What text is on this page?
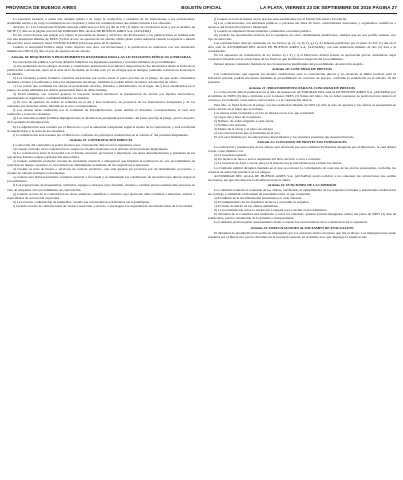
PROVINCIA DE BUENOS AIRES	BOLETÍN OFICIAL	LA PLATA, VIERNES 23 DE SEPTIEMBRE DE 2016 PÁGINA 27

La Gerencia General, a quien este designe tendrá a su cargo la confección y remisión de las invitaciones a los participantes. Asimismo tendrá a su cargo la remisión de las circulares y todas las comunicaciones que deban cursarse a los oferentes.

Artículo 17: Las Licitaciones Privadas deberán publicarse por UN (1) día en UN (1) diario de circulación local y por el término de SIETE (7) días en la página web del AUTORIDAD DEL AGUA DE BUENOS AIRES S.A. (AUSABA).

En las convocatorias que tengan por objeto la provisión de bienes y servicios, las invitaciones y las publicaciones se establecerán con una antelación mínima de TRES (3) días al acto de apertura de las ofertas. Dicho plazo podrá reducirse cuando la urgencia o interés del servicio así lo requiera, hasta VEINTICUATRO (24) horas antes de la apertura.

Cuando la Autoridad Pública tenga como objetivo una obra, las invitaciones y la publicación se realizarán con una antelación mínima de CINCO (5) días al acto de apertura de las ofertas.

Artículo 18: REQUISITOS Y PROCEDIMIENTO REQUERIDO PARA LAS LICITACIONES PÚBLICAS O PRIVADAS

En toda licitación pública o privada deberán cumplirse los siguientes requisitos y recaudos mínimos de procedimiento:

a) Los ejemplares de los pliegos de bases y condiciones particulares se pondrán a disposición de los interesados desde la fecha de la publicación o invitación, tanto en la sede de la Sociedad, en el sitio web y/o en el lugar que se designe, pudiendo cobrarse un arancel por los mismos.

b) Los oferentes podrán formular consultas aclaratorias por escrito hasta el plazo previsto en el pliego, las que serán contestadas mediante circular y notificadas a todos los adquirentes del pliego. También se podrán emitir circulares aclaratorias de oficio.

c) Los sobres que contienen las ofertas se presentarán cerrados, firmados e identificados, en el lugar, día y hora establecidos en el pliego; no serán admitidas las ofertas presentadas fuera de dicho término.

d) Podrá también, con carácter general, la Gerencia General establecer la presentación de ofertas por medios electrónicos, garantizando la seguridad y confidencialidad de las mismas.

e) El acto de apertura de sobres se realizará en el día y hora indicados, en presencia de los funcionarios designados y de los oferentes que desearen asistir, labrándose el acta correspondiente.

f) Las ofertas serán analizadas por la Comisión de Preadjudicación, quien emitirá el dictamen correspondiente, el cual será notificado a todos los oferentes.

g) Los oferentes podrán formular impugnaciones al dictamen de preadjudicación dentro del plazo que fije el pliego, previo depósito de la garantía de impugnación.

h) La adjudicación será resuelta por el Directorio o por la autoridad competente según el monto de la contratación, y será notificada al adjudicatario y al resto de los oferentes.

i) La adjudicación será resuelta por el Directorio conforme los principios establecidos en el artículo 4º del presente Reglamento.

Artículo 19: CONTRATACIÓN DIRECTA

La selección del contratista se podrá efectuar por contratación directa en los siguientes casos:

a) Cuando el monto de la contratación no supere los montos indicados en el artículo 10 del presente Reglamento.

b) La contratación entre la Sociedad con el Estado nacional, provincial o municipal, sus entes descentralizados y entidades en las que dichos Estados tengan participación mayoritaria.

c) Cuando existieren probadas razones de necesidad, urgencia o emergencia que impidan la realización de otro procedimiento de selección en tiempo oportuno, lo cual deberá ser debidamente acreditado en las respectivas actuaciones.

d) Cuando se trate de bienes o servicios de carácter exclusivo, que sólo puedan ser provistos por un determinado proveedor, o cuando no existan sustitutos convenientes.

e) Cuando una licitación hubiere resultado desierta o fracasada y se mantengan las condiciones de necesidad que dieron origen al procedimiento.

f) Las reparaciones de maquinarias, vehículos, equipos o motores cuyo desarme, traslado o examen previo resulten más onerosos en caso de adoptarse otro procedimiento de contratación.

g) Cuando se trate de la contratación de obras artísticas, científicas o técnicas cuya ejecución deba confiarse a empresas, artistas o especialistas de reconocida capacidad.

h) La locación o adquisición de inmuebles, cuando sus características particulares así lo justifiquen.

i) Cuando se trate de contrataciones de carácter reservado o secreto, o que hagan a la seguridad de las instalaciones de la Sociedad.

j) Cuando se trate de bienes cuyos precios sean establecidos por el Estado Nacional o Provincial.

k) Las contrataciones con entidades públicas o privadas sin fines de lucro, universidades nacionales y organismos científicos o técnicos del Estado Provincial o Municipal.

l) Cuando se adquieran bienes muebles o inmuebles en remate público.

m) Cuando las necesidades técnicas así lo requieran, en casos debidamente justificados, siempre que no sea posible realizar otro tipo de selección.

Las contrataciones directas realizadas en los incisos a), b), c), d), f), g), l), ll) deberán publicarse por el plazo de UN (1) día en el sitio web de AUTORIDAD DEL AGUA DE BUENOS AIRES S.A. (AUSABA), con una antelación mínima de dos (2) días a la contratación.

En los supuestos de contratación de los incisos e) a h) y l) el Directorio deberá prestar su aprobación previa, debiéndose dejar constancia fundada en las actuaciones de los motivos que justifican la adopción del procedimiento.

Deberá dejarse constancia fundada de las circunstancias justificantes del procedimiento de selección elegido.

Artículo 20: CONCURSO DE PRECIOS

Las contrataciones que superen los montos establecidos para la contratación directa y no alcancen el límite previsto para la licitación privada, podrán efectuarse mediante el procedimiento de concurso de precios, conforme lo establecido en el artículo 10 del presente.

Artículo 21: PROCEDIMIENTO PARA EL CONCURSO DE PRECIOS

La convocatoria deberá publicarse en el sitio de internet de AUTORIDAD DEL AGUA DE BUENOS AIRES S.A. (AUSABA) por el término de TRES (3) días e invitarse a por lo menos TRES (3) firmas del rubro. De no haber respuesta, se podrá declarar desierto el concurso, procediendo a una nueva convocatoria o a la contratación directa.

Para ello, se fijará fecha en el pliego con una antelación mínima de DOS (2) días al acto de apertura y las ofertas se presentarán en sobre cerrado en el lugar que se indique.

Las ofertas serán evaluadas y el acto se labrará en un acta que contendrá:

a) Lugar, día y hora de la apertura.

b) Número de orden asignado a cada oferta.

c) Nombre del oferente.

d) Monto de la oferta y el plazo de entrega.

e) Las observaciones que se formulen en el acto.

El acta será firmada por los funcionarios intervinientes y los oferentes presentes que desearen hacerlo.

Artículo 22: CONCURSO DE PROYECTOS INTEGRALES

La evaluación y preselección de las ofertas será efectuada por una Comisión Evaluadora designada por el Directorio, la cual deberá contar como mínimo con:

a) La Gerencia General.

b) Un técnico de Área o sector requirente del bien, servicio u obra a contratar.

c) La Gerencia de Área o sector que por la materia sea la más idónea para evaluar las ofertas.

La Comisión emitirá dictamen fundado en el que se evaluará la conveniencia de cada una de las ofertas presentadas, conforme los criterios de selección previstos en los pliegos.

AUTORIDAD DEL AGUA DE BUENOS AIRES S.A. (AUSABA) podrá solicitar a los oferentes las aclaraciones que estime necesarias, sin que ello importe la modificación de la oferta.

Artículo 23: FUNCIONES DE LA COMISIÓN

La Comisión evaluará el contenido de las ofertas, verificando el cumplimiento de los requisitos formales y sustanciales establecidos en el pliego y emitiendo el dictamen de preadjudicación, el que contendrá:

a) El análisis de la documentación presentada por cada oferente.

b) El cumplimiento de los requisitos técnicos y económicos exigidos.

c) El orden de mérito de las ofertas admisibles.

d) La recomendación sobre la resolución a adoptar para concluir el procedimiento.

El dictamen de la Comisión será notificado a todos los oferentes, quienes podrán impugnarlo dentro del plazo de TRES (3) días de notificados, previa constitución de la garantía correspondiente.

La Comisión podrá requerir asesoramiento técnico cuando las características de la contratación así lo requieran.

Artículo 24: IMPUGNACIONES AL DICTAMEN DE EVALUACIÓN

El dictamen de preadjudicación podrá ser impugnado por los oferentes dentro del plazo que fije el pliego. Las impugnaciones serán resueltas por el Directorio, previo dictamen de la Gerencia General, en el mismo acto que disponga la adjudicación.
